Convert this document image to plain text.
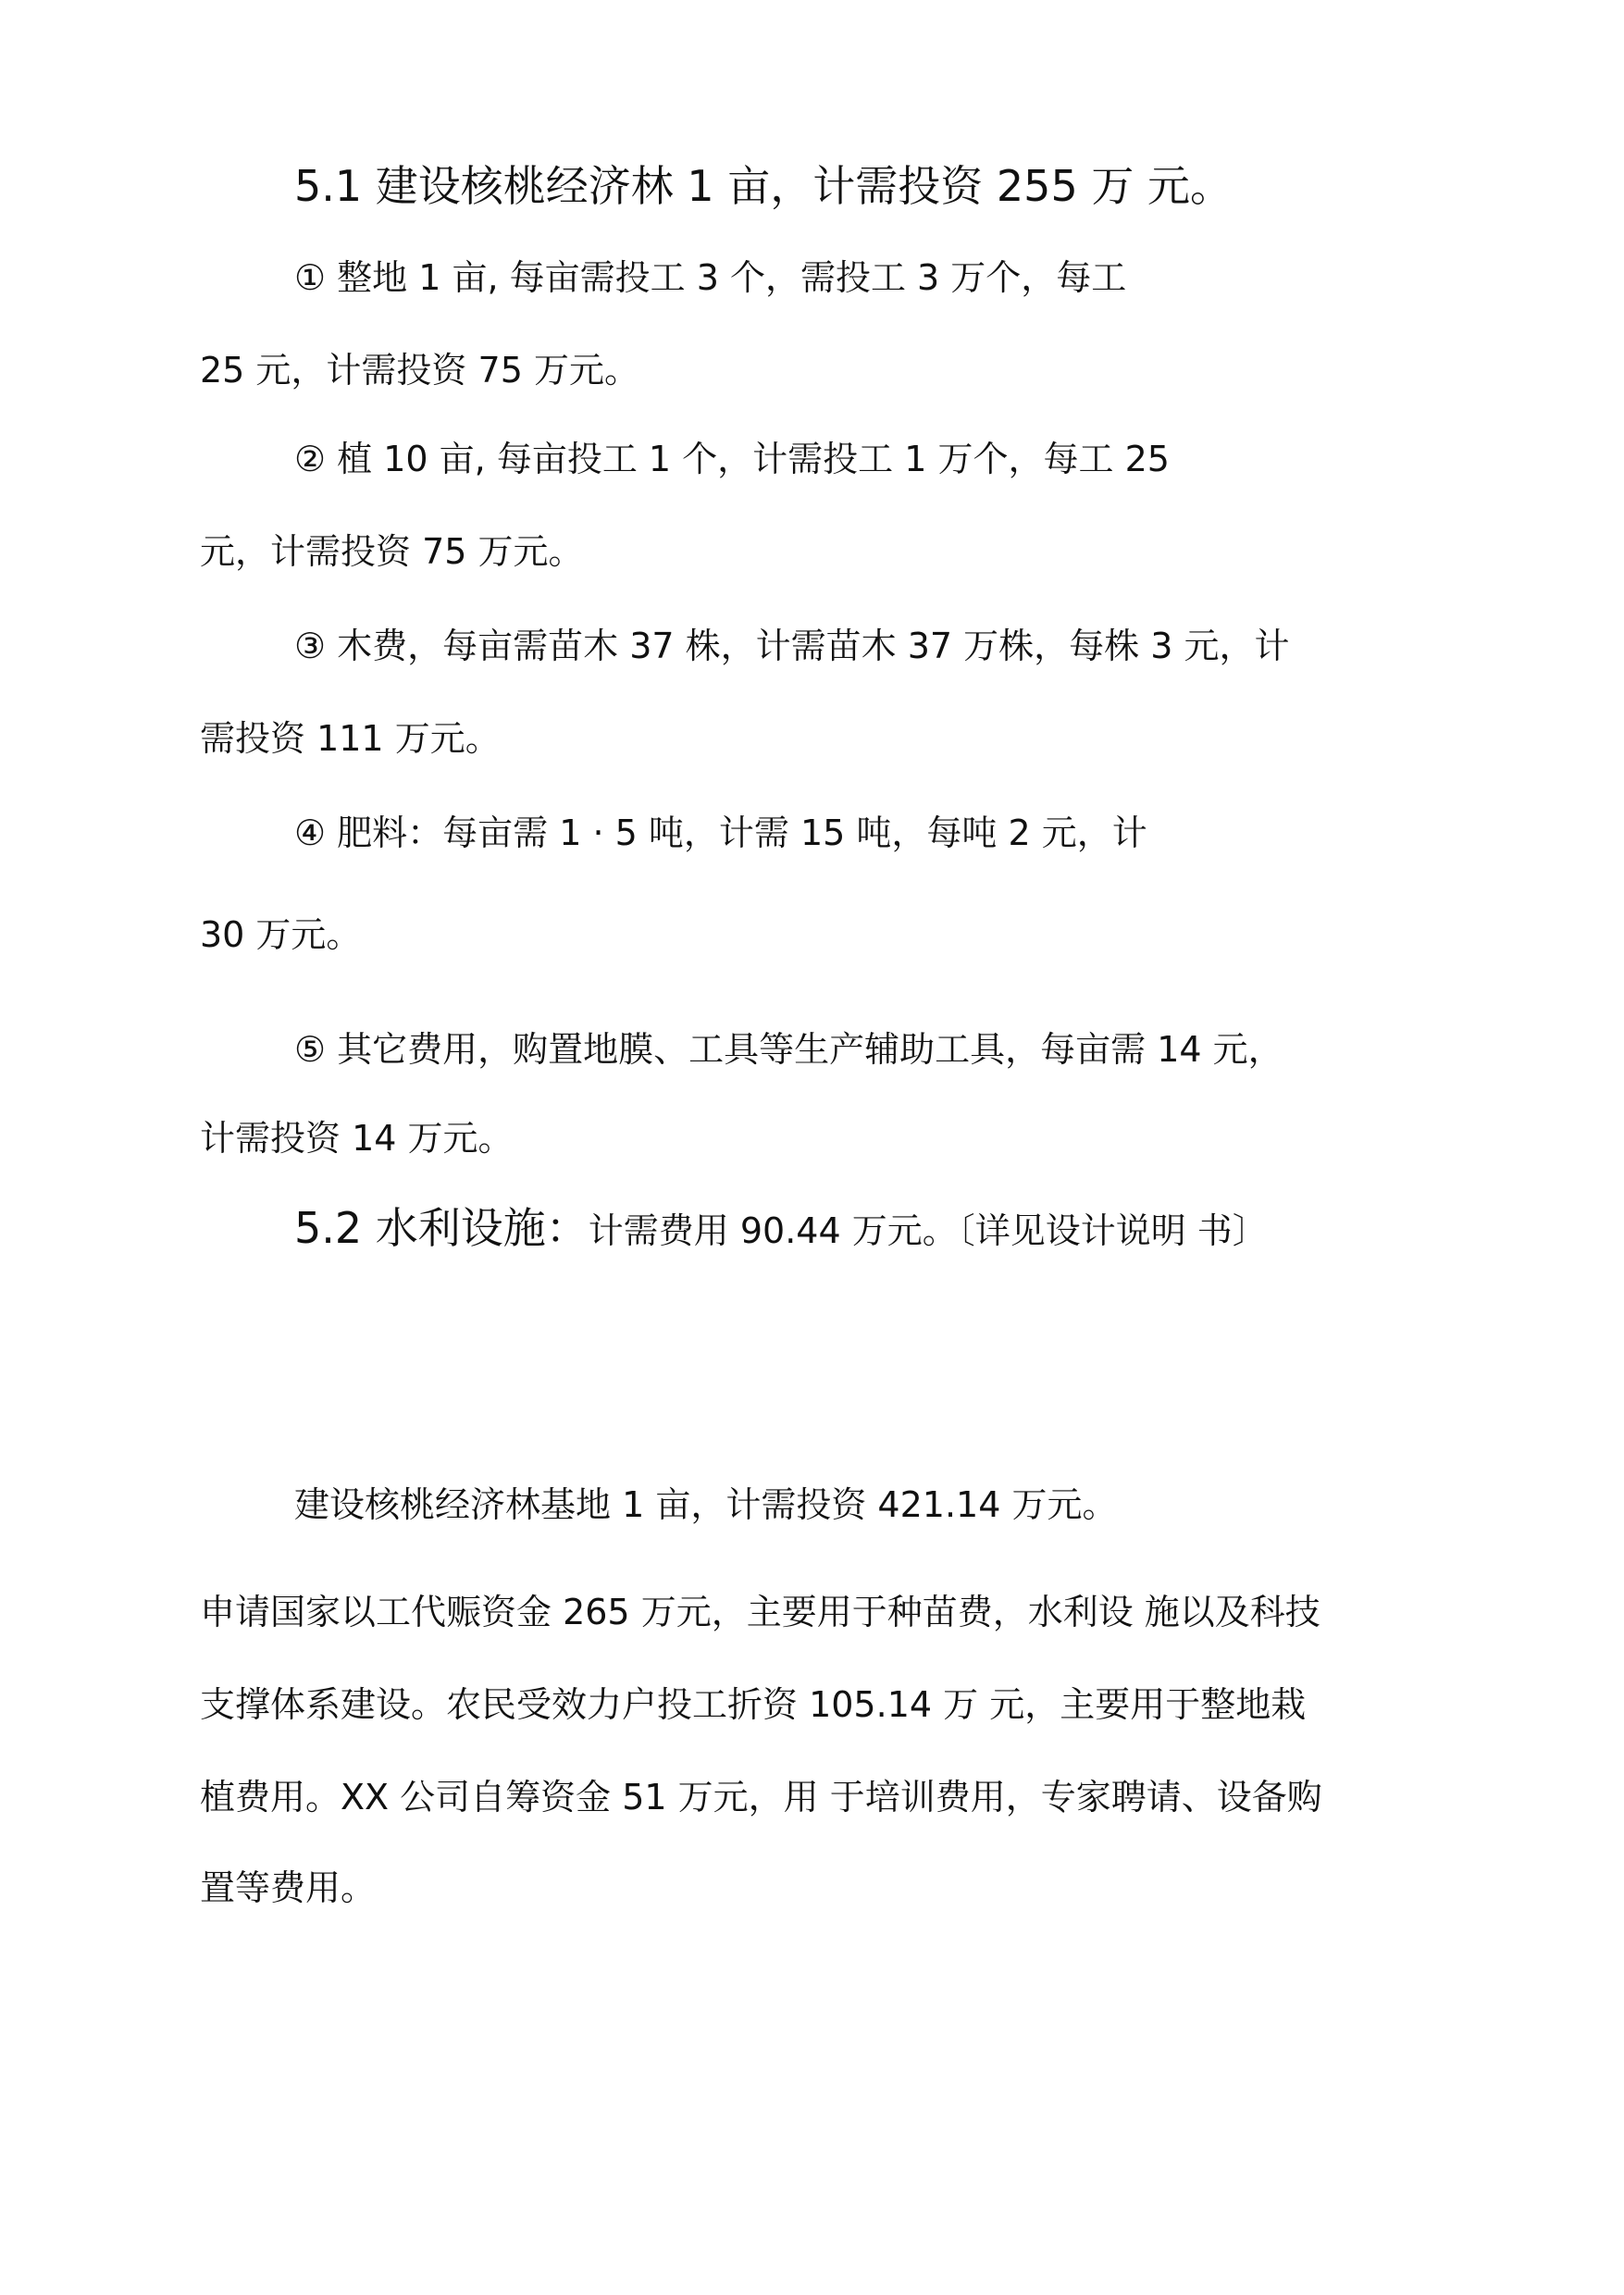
5.1 建设核桃经济林 1 亩，计需投资 255 万 元。
① 整地 1 亩, 每亩需投工 3 个，需投工 3 万个，每工
25 元，计需投资 75 万元。
② 植 10 亩, 每亩投工 1 个，计需投工 1 万个，每工 25
元，计需投资 75 万元。
③ 木费，每亩需苗木 37 株，计需苗木 37 万株，每株 3 元，计
需投资 111 万元。
④ 肥料：每亩需 1 · 5 吨，计需 15 吨，每吨 2 元，计
30 万元。
⑤ 其它费用，购置地膜、工具等生产辅助工具，每亩需 14 元，
计需投资 14 万元。
5.2 水利设施：计需费用 90.44 万元。〔详见设计说明 书〕
建设核桃经济林基地 1 亩，计需投资 421.14 万元。
申请国家以工代赈资金 265 万元，主要用于种苗费，水利设 施以及科技
支撑体系建设。农民受效力户投工折资 105.14 万 元，主要用于整地栽
植费用。XX 公司自筹资金 51 万元，用 于培训费用，专家聘请、设备购
置等费用。
